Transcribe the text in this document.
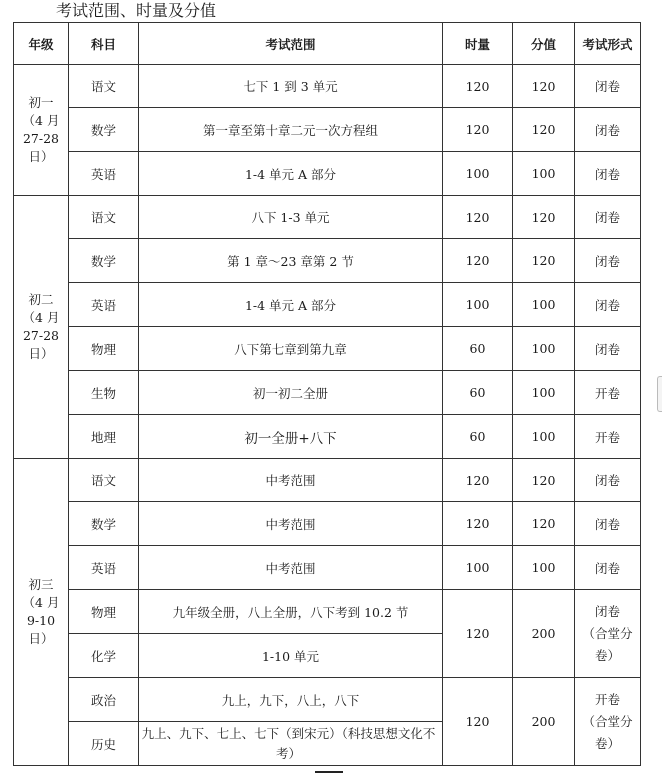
考试范围、时量及分值
年级	科目	考试范围	时量	分值	考试形式

初一
（4 月
27-28
日）	语文	七下 1 到 3 单元	120	120	闭卷
	数学	第一章至第十章二元一次方程组	120	120	闭卷
	英语	1-4 单元 A 部分	100	100	闭卷

初二
（4 月
27-28
日）	语文	八下 1-3 单元	120	120	闭卷
	数学	第 1 章～23 章第 2 节	120	120	闭卷
	英语	1-4 单元 A 部分	100	100	闭卷
	物理	八下第七章到第九章	60	100	闭卷
	生物	初一初二全册	60	100	开卷
	地理	初一全册+八下	60	100	开卷

初三
（4 月
9-10
日）	语文	中考范围	120	120	闭卷
	数学	中考范围	120	120	闭卷
	英语	中考范围	100	100	闭卷
	物理	九年级全册，八上全册，八下考到 10.2 节	120	200	闭卷
（合堂分
卷）

	化学	1-10 单元			
	政治	九上，九下，八上，八下	120	200	开卷
（合堂分
卷）

	历史	九上、九下、七上、七下（到宋元）（科技思想文化不考）			
